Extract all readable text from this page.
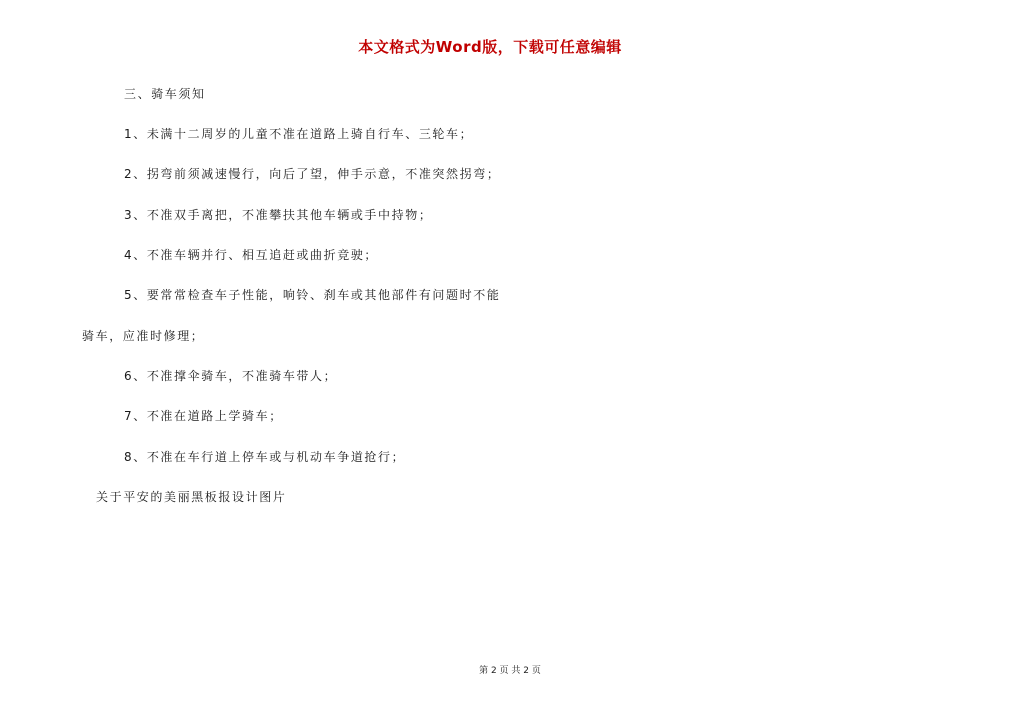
本文格式为Word版，下载可任意编辑
三、骑车须知
1、未满十二周岁的儿童不准在道路上骑自行车、三轮车；
2、拐弯前须减速慢行，向后了望，伸手示意，不准突然拐弯；
3、不准双手离把，不准攀扶其他车辆或手中持物；
4、不准车辆并行、相互追赶或曲折竞驶；
5、要常常检查车子性能，响铃、刹车或其他部件有问题时不能
骑车，应准时修理；
6、不准撑伞骑车，不准骑车带人；
7、不准在道路上学骑车；
8、不准在车行道上停车或与机动车争道抢行；
关于平安的美丽黑板报设计图片
第 2 页 共 2 页
